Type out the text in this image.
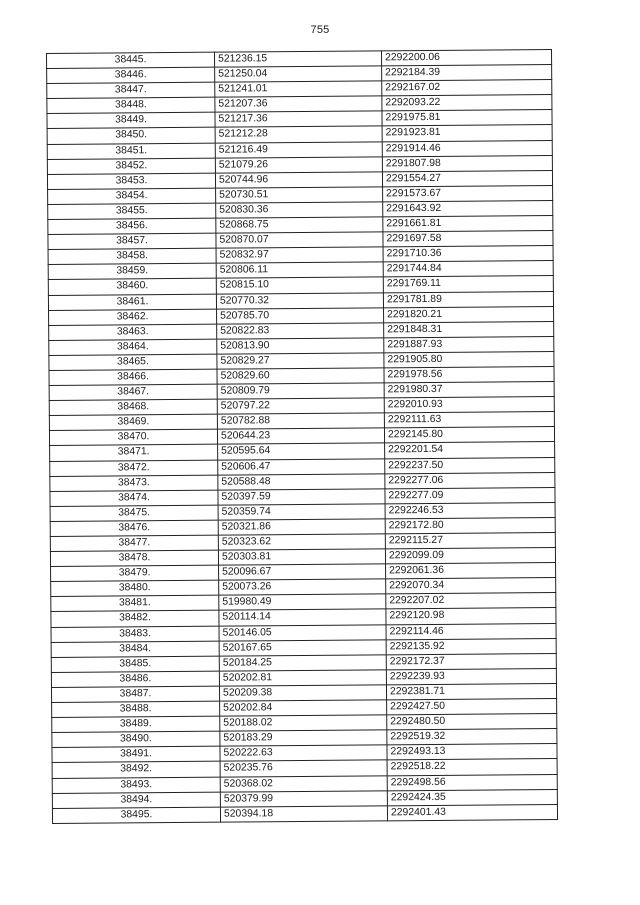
755
38445.	521236.15	2292200.06
38446.	521250.04	2292184.39
38447.	521241.01	2292167.02
38448.	521207.36	2292093.22
38449.	521217.36	2291975.81
38450.	521212.28	2291923.81
38451.	521216.49	2291914.46
38452.	521079.26	2291807.98
38453.	520744.96	2291554.27
38454.	520730.51	2291573.67
38455.	520830.36	2291643.92
38456.	520868.75	2291661.81
38457.	520870.07	2291697.58
38458.	520832.97	2291710.36
38459.	520806.11	2291744.84
38460.	520815.10	2291769.11
38461.	520770.32	2291781.89
38462.	520785.70	2291820.21
38463.	520822.83	2291848.31
38464.	520813.90	2291887.93
38465.	520829.27	2291905.80
38466.	520829.60	2291978.56
38467.	520809.79	2291980.37
38468.	520797.22	2292010.93
38469.	520782.88	2292111.63
38470.	520644.23	2292145.80
38471.	520595.64	2292201.54
38472.	520606.47	2292237.50
38473.	520588.48	2292277.06
38474.	520397.59	2292277.09
38475.	520359.74	2292246.53
38476.	520321.86	2292172.80
38477.	520323.62	2292115.27
38478.	520303.81	2292099.09
38479.	520096.67	2292061.36
38480.	520073.26	2292070.34
38481.	519980.49	2292207.02
38482.	520114.14	2292120.98
38483.	520146.05	2292114.46
38484.	520167.65	2292135.92
38485.	520184.25	2292172.37
38486.	520202.81	2292239.93
38487.	520209.38	2292381.71
38488.	520202.84	2292427.50
38489.	520188.02	2292480.50
38490.	520183.29	2292519.32
38491.	520222.63	2292493.13
38492.	520235.76	2292518.22
38493.	520368.02	2292498.56
38494.	520379.99	2292424.35
38495.	520394.18	2292401.43
